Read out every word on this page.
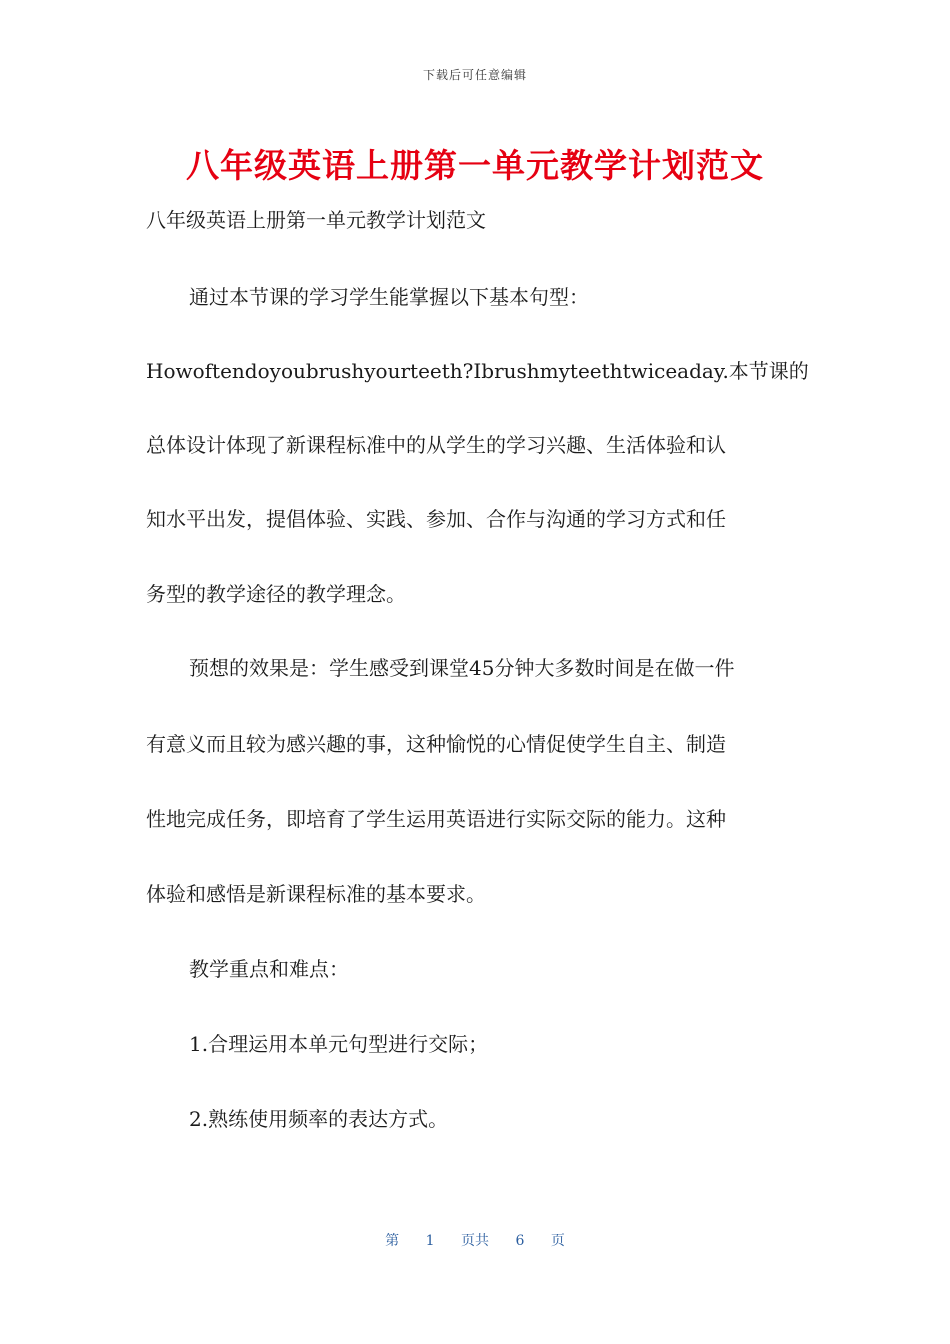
下载后可任意编辑
八年级英语上册第一单元教学计划范文

八年级英语上册第一单元教学计划范文

通过本节课的学习学生能掌握以下基本句型：

Howoftendoyoubrushyourteeth?Ibrushmyteethtwiceaday.本节课的

总体设计体现了新课程标准中的从学生的学习兴趣、生活体验和认

知水平出发，提倡体验、实践、参加、合作与沟通的学习方式和任

务型的教学途径的教学理念。

预想的效果是：学生感受到课堂45分钟大多数时间是在做一件

有意义而且较为感兴趣的事，这种愉悦的心情促使学生自主、制造

性地完成任务，即培育了学生运用英语进行实际交际的能力。这种

体验和感悟是新课程标准的基本要求。

教学重点和难点：

1.合理运用本单元句型进行交际；

2.熟练使用频率的表达方式。

第 1 页共 6 页
